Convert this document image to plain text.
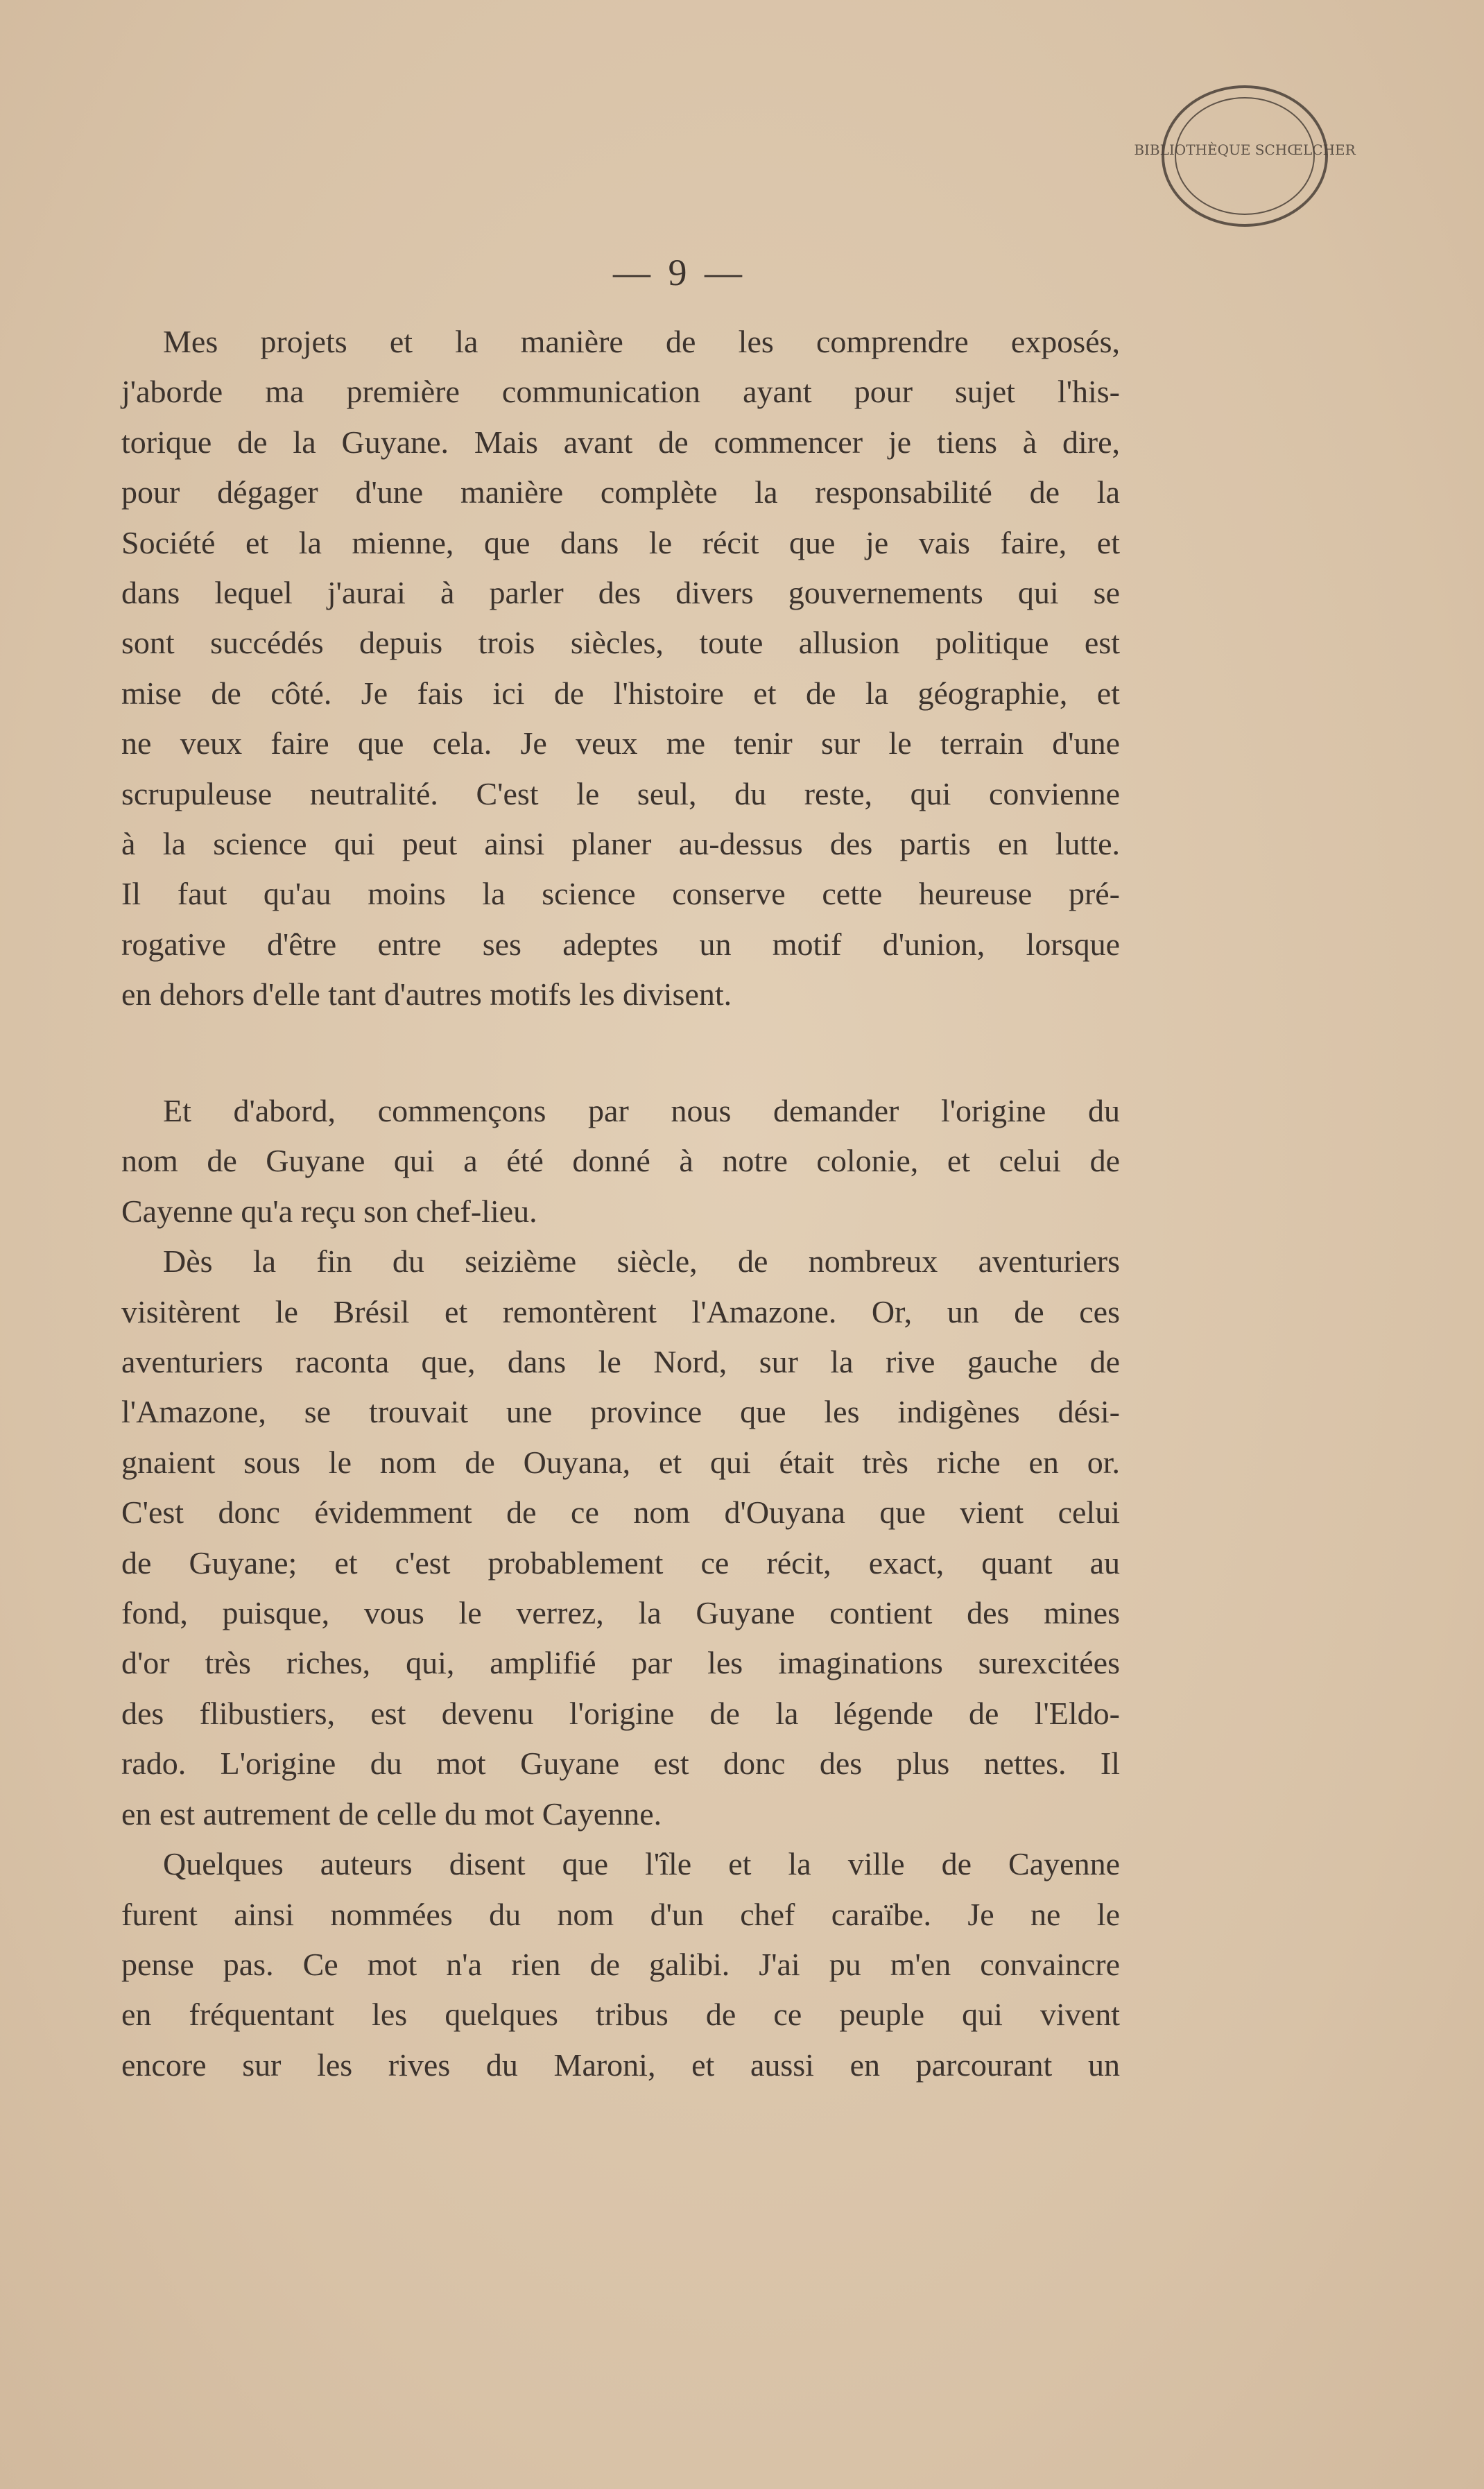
BIBLIOTHÈQUE SCHŒLCHER
— 9 —
Mes projets et la manière de les comprendre exposés,
j'aborde ma première communication ayant pour sujet l'his-
torique de la Guyane. Mais avant de commencer je tiens à dire,
pour dégager d'une manière complète la responsabilité de la
Société et la mienne, que dans le récit que je vais faire, et
dans lequel j'aurai à parler des divers gouvernements qui se
sont succédés depuis trois siècles, toute allusion politique est
mise de côté. Je fais ici de l'histoire et de la géographie, et
ne veux faire que cela. Je veux me tenir sur le terrain d'une
scrupuleuse neutralité. C'est le seul, du reste, qui convienne
à la science qui peut ainsi planer au-dessus des partis en lutte.
Il faut qu'au moins la science conserve cette heureuse pré-
rogative d'être entre ses adeptes un motif d'union, lorsque
en dehors d'elle tant d'autres motifs les divisent.
Et d'abord, commençons par nous demander l'origine du
nom de Guyane qui a été donné à notre colonie, et celui de
Cayenne qu'a reçu son chef-lieu.
Dès la fin du seizième siècle, de nombreux aventuriers
visitèrent le Brésil et remontèrent l'Amazone. Or, un de ces
aventuriers raconta que, dans le Nord, sur la rive gauche de
l'Amazone, se trouvait une province que les indigènes dési-
gnaient sous le nom de Ouyana, et qui était très riche en or.
C'est donc évidemment de ce nom d'Ouyana que vient celui
de Guyane; et c'est probablement ce récit, exact, quant au
fond, puisque, vous le verrez, la Guyane contient des mines
d'or très riches, qui, amplifié par les imaginations surexcitées
des flibustiers, est devenu l'origine de la légende de l'Eldo-
rado. L'origine du mot Guyane est donc des plus nettes. Il
en est autrement de celle du mot Cayenne.
Quelques auteurs disent que l'île et la ville de Cayenne
furent ainsi nommées du nom d'un chef caraïbe. Je ne le
pense pas. Ce mot n'a rien de galibi. J'ai pu m'en convaincre
en fréquentant les quelques tribus de ce peuple qui vivent
encore sur les rives du Maroni, et aussi en parcourant un
